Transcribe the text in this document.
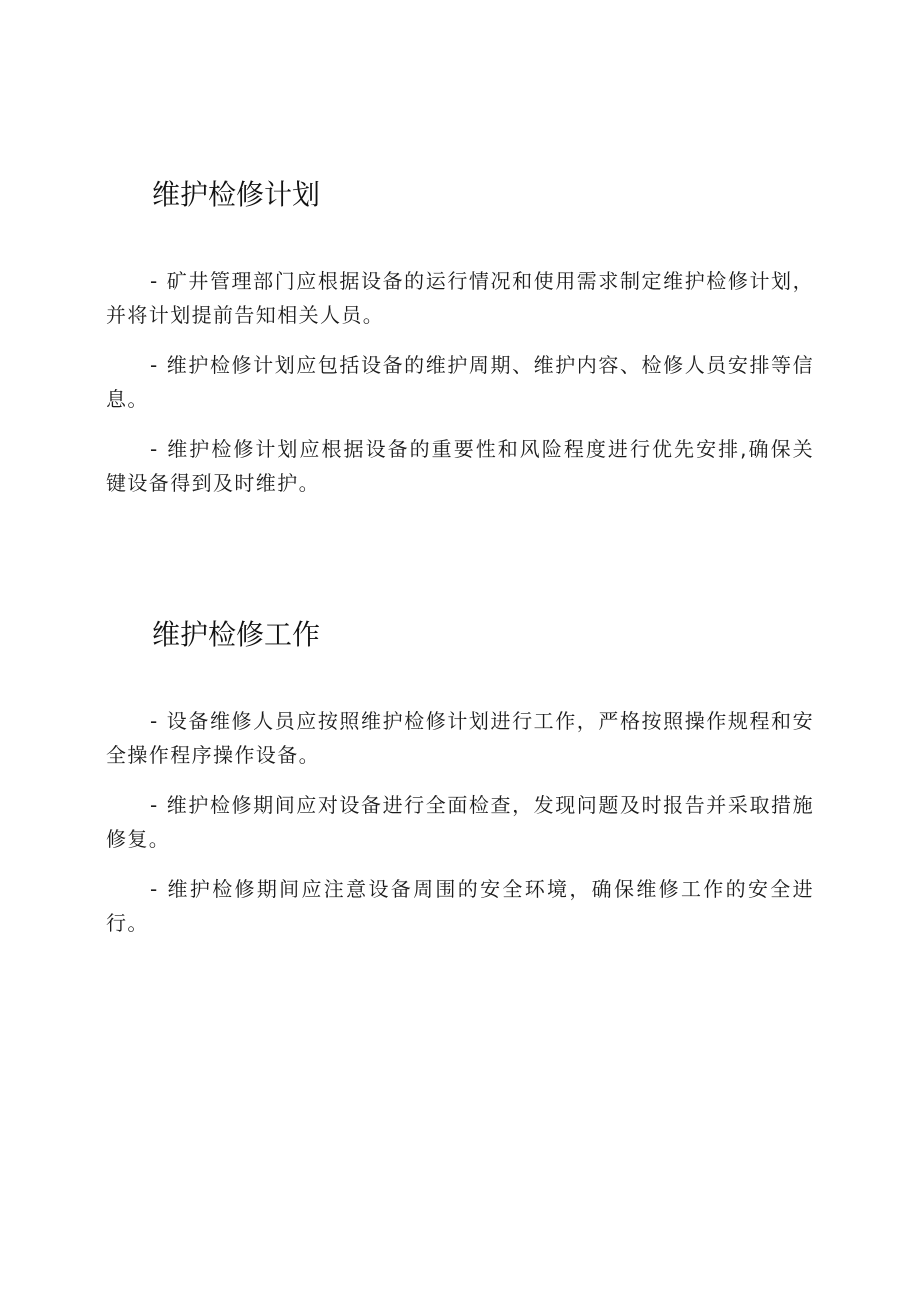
维护检修计划
- 矿井管理部门应根据设备的运行情况和使用需求制定维护检修计划，并将计划提前告知相关人员。
- 维护检修计划应包括设备的维护周期、维护内容、检修人员安排等信息。
- 维护检修计划应根据设备的重要性和风险程度进行优先安排,确保关键设备得到及时维护。
维护检修工作
- 设备维修人员应按照维护检修计划进行工作，严格按照操作规程和安全操作程序操作设备。
- 维护检修期间应对设备进行全面检查，发现问题及时报告并采取措施修复。
- 维护检修期间应注意设备周围的安全环境，确保维修工作的安全进行。
